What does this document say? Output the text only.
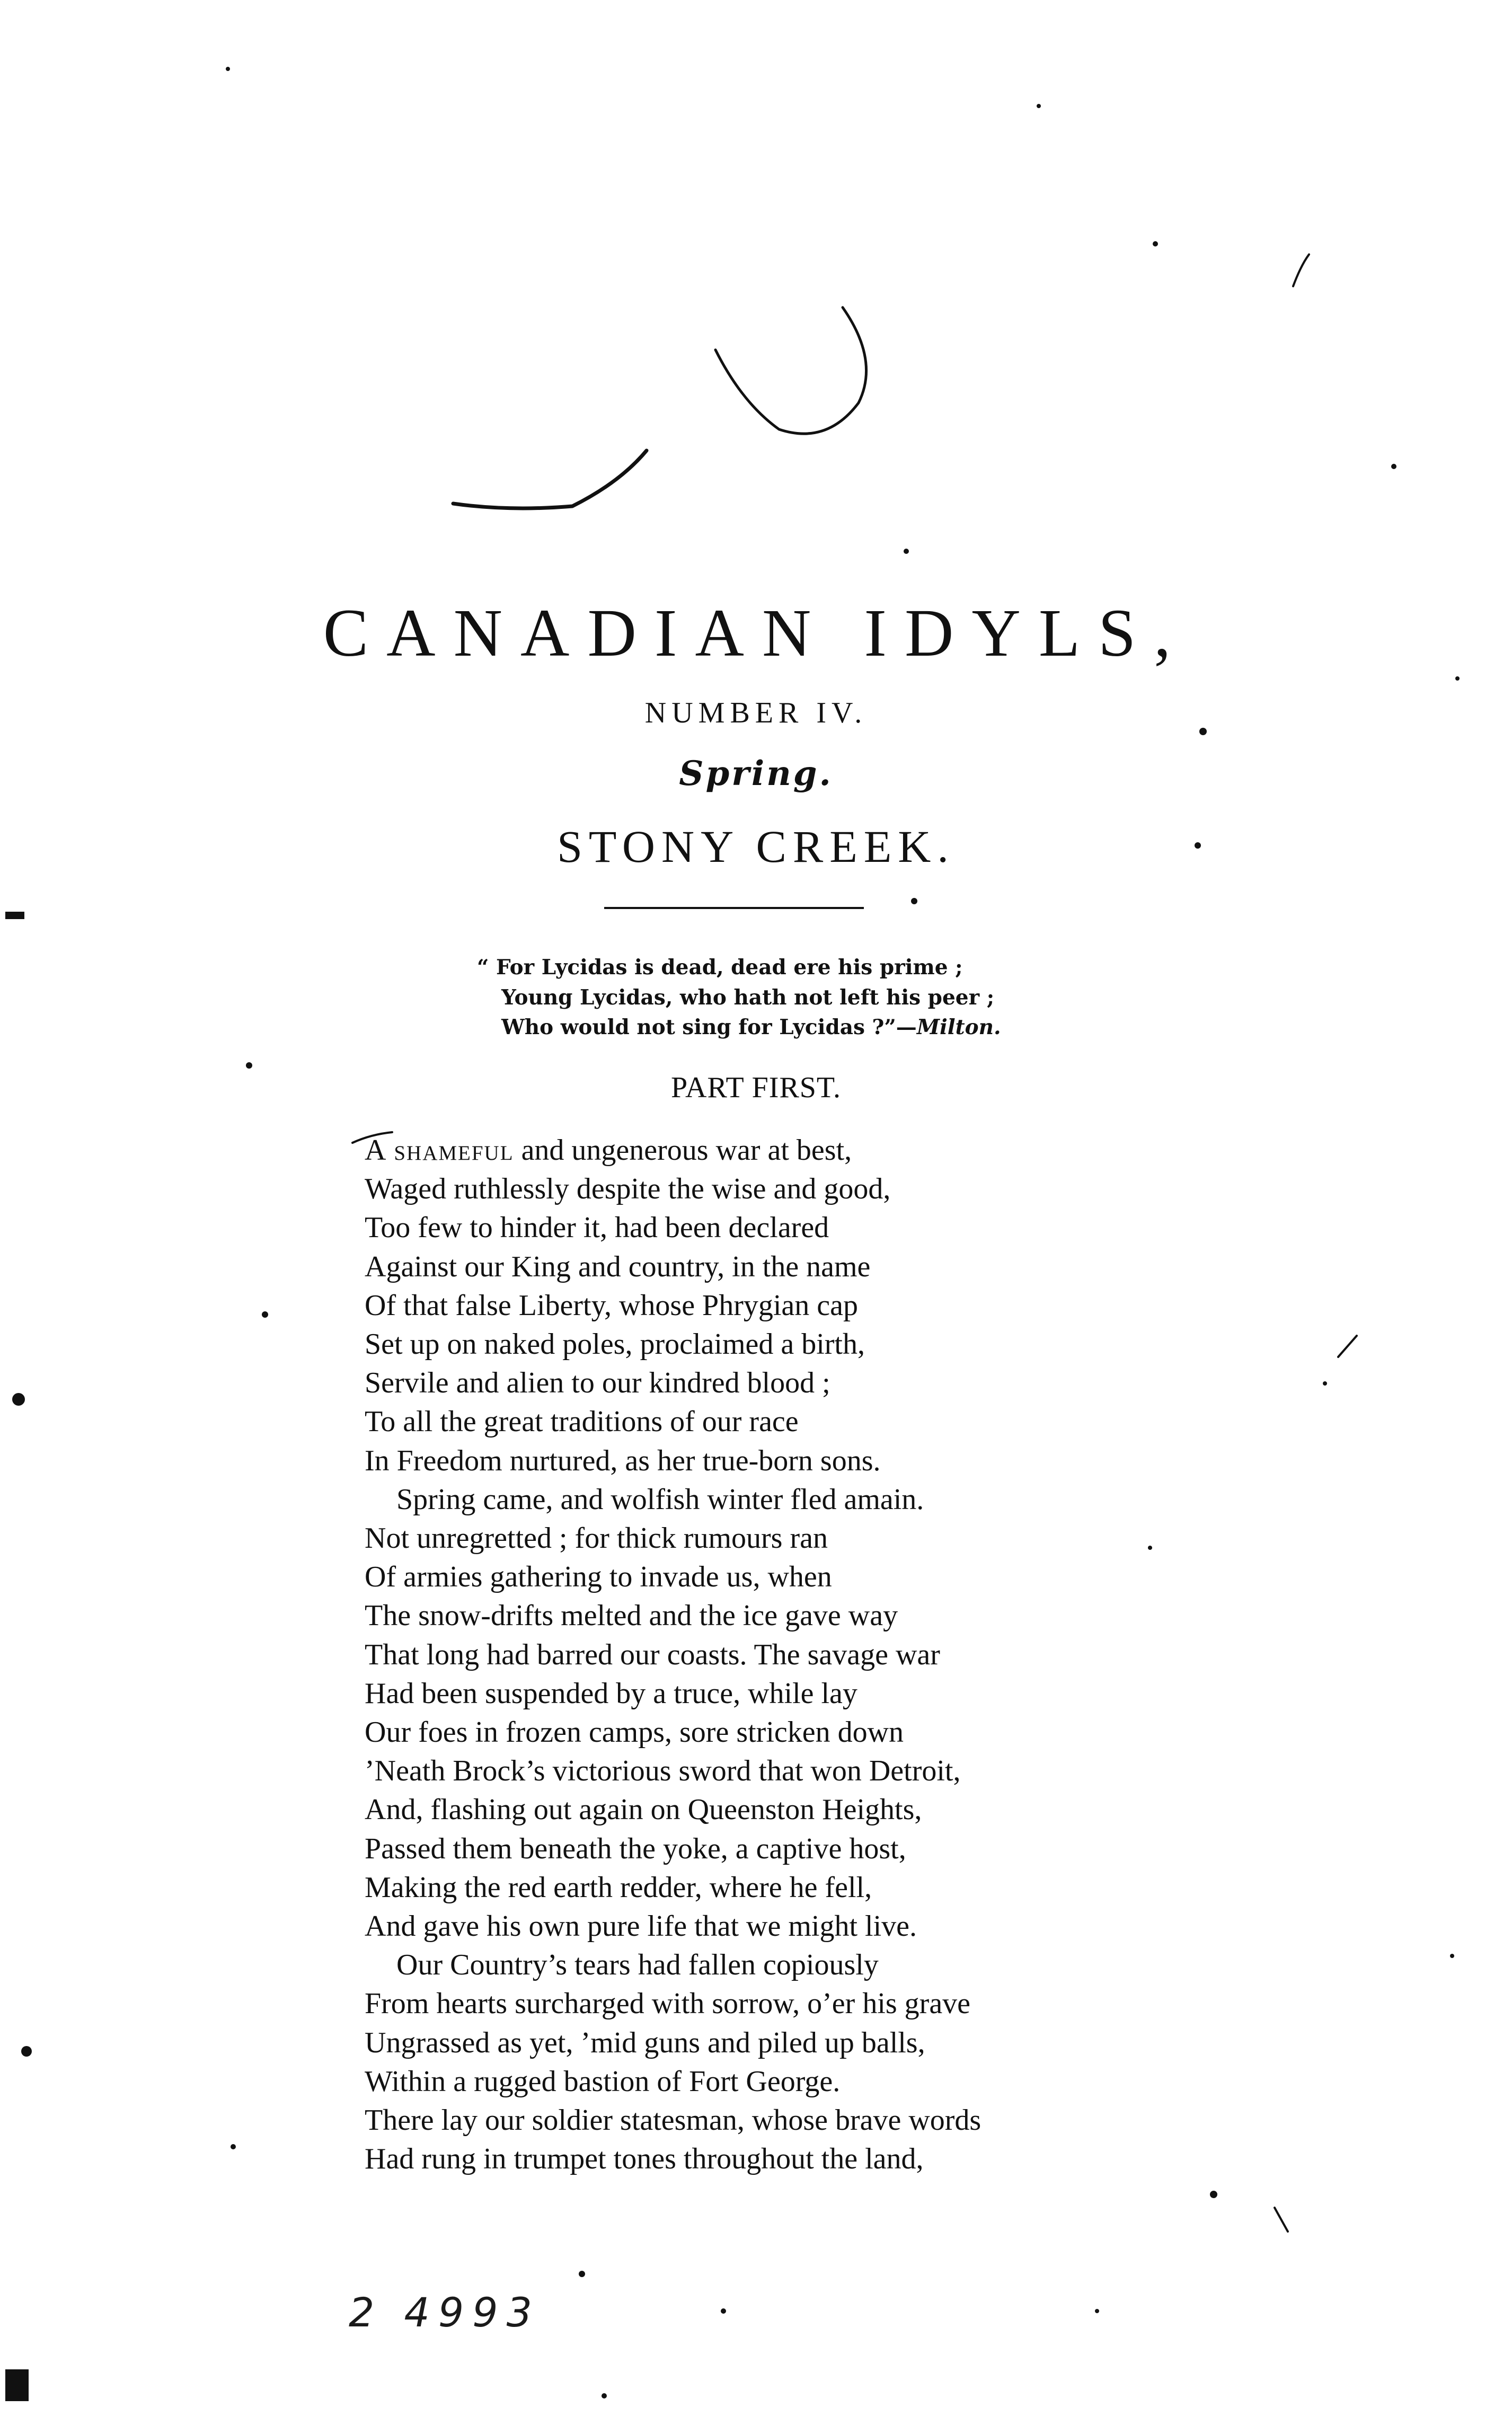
CANADIAN IDYLS,
NUMBER IV.
Spring.
STONY CREEK.
“ For Lycidas is dead, dead ere his prime ;
Young Lycidas, who hath not left his peer ;
Who would not sing for Lycidas ?”—Milton.
PART FIRST.
A shameful and ungenerous war at best,
Waged ruthlessly despite the wise and good,
Too few to hinder it, had been declared
Against our King and country, in the name
Of that false Liberty, whose Phrygian cap
Set up on naked poles, proclaimed a birth,
Servile and alien to our kindred blood ;
To all the great traditions of our race
In Freedom nurtured, as her true-born sons.
Spring came, and wolfish winter fled amain.
Not unregretted ; for thick rumours ran
Of armies gathering to invade us, when
The snow-drifts melted and the ice gave way
That long had barred our coasts. The savage war
Had been suspended by a truce, while lay
Our foes in frozen camps, sore stricken down
’Neath Brock’s victorious sword that won Detroit,
And, flashing out again on Queenston Heights,
Passed them beneath the yoke, a captive host,
Making the red earth redder, where he fell,
And gave his own pure life that we might live.
Our Country’s tears had fallen copiously
From hearts surcharged with sorrow, o’er his grave
Ungrassed as yet, ’mid guns and piled up balls,
Within a rugged bastion of Fort George.
There lay our soldier statesman, whose brave words
Had rung in trumpet tones throughout the land,
2 4993
